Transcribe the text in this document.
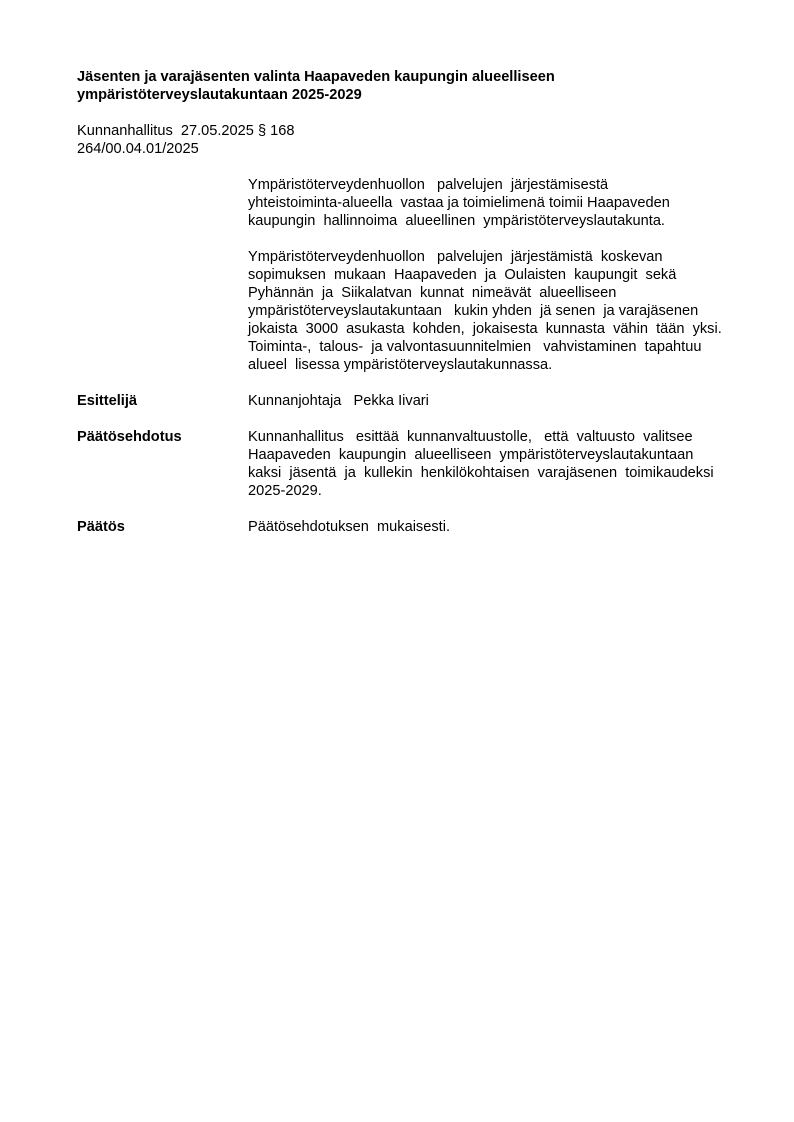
Jäsenten ja varajäsenten valinta Haapaveden kaupungin alueelliseen
ympäristöterveyslautakuntaan 2025-2029
Kunnanhallitus 27.05.2025 § 168
264/00.04.01/2025
Ympäristöterveydenhuollon   palvelujen  järjestämisestä
yhteistoiminta-alueella  vastaa ja toimielimenä toimii Haapaveden
kaupungin  hallinnoima  alueellinen  ympäristöterveyslautakunta.
Ympäristöterveydenhuollon   palvelujen  järjestämistä  koskevan
sopimuksen  mukaan  Haapaveden  ja  Oulaisten  kaupungit  sekä
Pyhännän  ja  Siikalatvan  kunnat  nimeävät  alueelliseen
ympäristöterveyslautakuntaan   kukin yhden  jä senen  ja varajäsenen
jokaista  3000  asukasta  kohden,  jokaisesta  kunnasta  vähin  tään  yksi.
Toiminta-,  talous-  ja valvontasuunnitelmien   vahvistaminen  tapahtuu
alueel  lisessa ympäristöterveyslautakunnassa.
Esittelijä	Kunnanjohtaja   Pekka Iivari
Päätösehdotus	Kunnanhallitus   esittää  kunnanvaltuustolle,   että  valtuusto  valitsee
Haapaveden  kaupungin  alueelliseen  ympäristöterveyslautakuntaan
kaksi  jäsentä  ja  kullekin  henkilökohtaisen  varajäsenen  toimikaudeksi
2025-2029.
Päätös	Päätösehdotuksen  mukaisesti.
